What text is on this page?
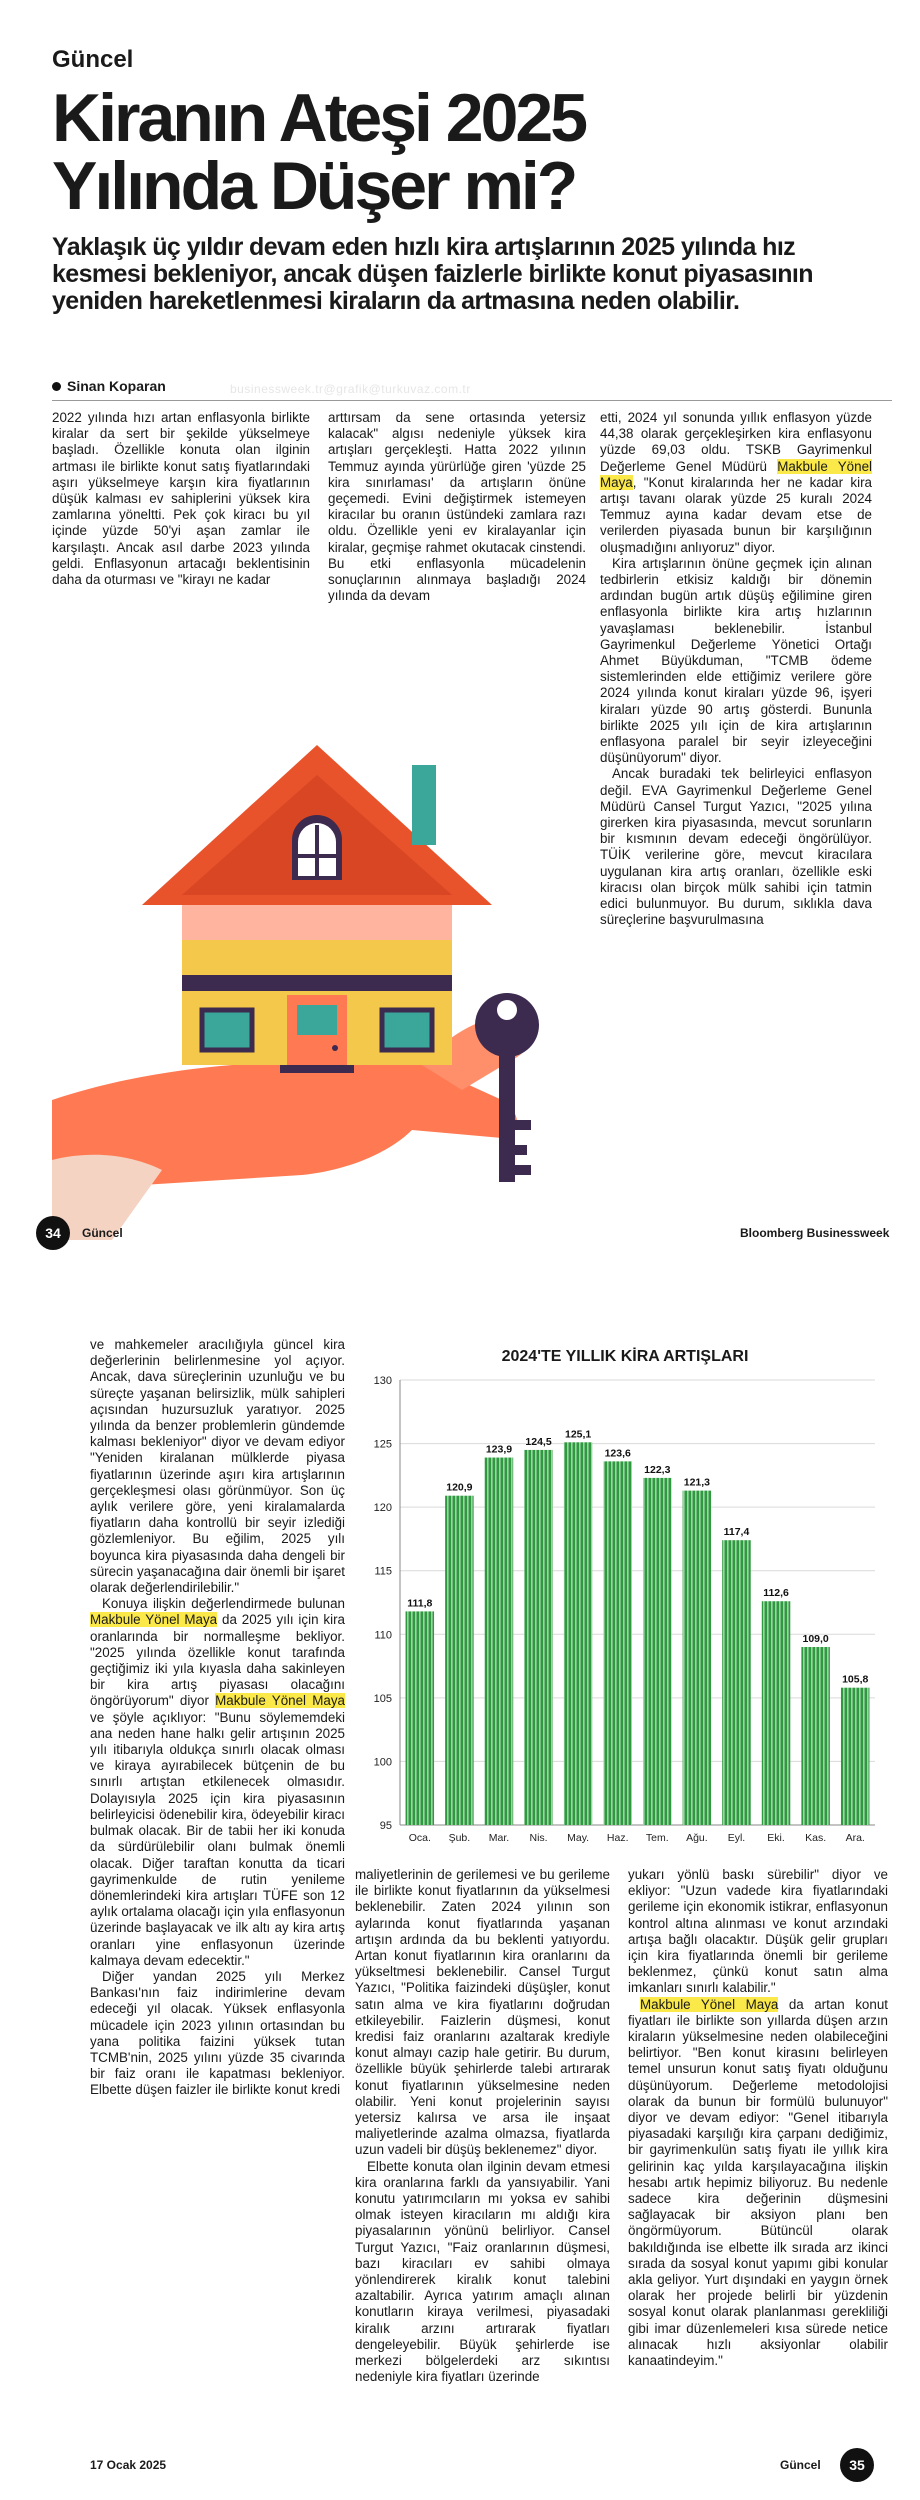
Güncel
Kiranın Ateşi 2025
Yılında Düşer mi?
Yaklaşık üç yıldır devam eden hızlı kira artışlarının 2025 yılında hız kesmesi bekleniyor, ancak düşen faizlerle birlikte konut piyasasının yeniden hareketlenmesi kiraların da artmasına neden olabilir.
Sinan Koparan	businessweek.tr@grafik@turkuvaz.com.tr

2022 yılında hızı artan enflasyonla birlikte kiralar da sert bir şekilde yükselmeye başladı. Özellikle konuta olan ilginin artması ile birlikte konut satış fiyatlarındaki aşırı yükselmeye karşın kira fiyatlarının düşük kalması ev sahiplerini yüksek kira zamlarına yöneltti. Pek çok kiracı bu yıl içinde yüzde 50'yi aşan zamlar ile karşılaştı. Ancak asıl darbe 2023 yılında geldi. Enflasyonun artacağı beklentisinin daha da oturması ve "kirayı ne kadar

arttırsam da sene ortasında yetersiz kalacak" algısı nedeniyle yüksek kira artışları gerçekleşti. Hatta 2022 yılının Temmuz ayında yürürlüğe giren 'yüzde 25 kira sınırlaması' da artışların önüne geçemedi. Evini değiştirmek istemeyen kiracılar bu oranın üstündeki zamlara razı oldu. Özellikle yeni ev kiralayanlar için kiralar, geçmişe rahmet okutacak cinstendi. Bu etki enflasyonla mücadelenin sonuçlarının alınmaya başladığı 2024 yılında da devam

etti, 2024 yıl sonunda yıllık enflasyon yüzde 44,38 olarak gerçekleşirken kira enflasyonu yüzde 69,03 oldu. TSKB Gayrimenkul Değerleme Genel Müdürü Makbule Yönel Maya, "Konut kiralarında her ne kadar kira artışı tavanı olarak yüzde 25 kuralı 2024 Temmuz ayına kadar devam etse de verilerden piyasada bunun bir karşılığının oluşmadığını anlıyoruz" diyor.

Kira artışlarının önüne geçmek için alınan tedbirlerin etkisiz kaldığı bir dönemin ardından bugün artık düşüş eğilimine giren enflasyonla birlikte kira artış hızlarının yavaşlaması beklenebilir. İstanbul Gayrimenkul Değerleme Yönetici Ortağı Ahmet Büyükduman, "TCMB ödeme sistemlerinden elde ettiğimiz verilere göre 2024 yılında konut kiraları yüzde 96, işyeri kiraları yüzde 90 artış gösterdi. Bununla birlikte 2025 yılı için de kira artışlarının enflasyona paralel bir seyir izleyeceğini düşünüyorum" diyor.

Ancak buradaki tek belirleyici enflasyon değil. EVA Gayrimenkul Değerleme Genel Müdürü Cansel Turgut Yazıcı, "2025 yılına girerken kira piyasasında, mevcut sorunların bir kısmının devam edeceği öngörülüyor. TÜİK verilerine göre, mevcut kiracılara uygulanan kira artış oranları, özellikle eski kiracısı olan birçok mülk sahibi için tatmin edici bulunmuyor. Bu durum, sıklıkla dava süreçlerine başvurulmasına

34	Güncel	Bloomberg Businessweek

ve mahkemeler aracılığıyla güncel kira değerlerinin belirlenmesine yol açıyor. Ancak, dava süreçlerinin uzunluğu ve bu süreçte yaşanan belirsizlik, mülk sahipleri açısından huzursuzluk yaratıyor. 2025 yılında da benzer problemlerin gündemde kalması bekleniyor" diyor ve devam ediyor "Yeniden kiralanan mülklerde piyasa fiyatlarının üzerinde aşırı kira artışlarının gerçekleşmesi olası görünmüyor. Son üç aylık verilere göre, yeni kiralamalarda fiyatların daha kontrollü bir seyir izlediği gözlemleniyor. Bu eğilim, 2025 yılı boyunca kira piyasasında daha dengeli bir sürecin yaşanacağına dair önemli bir işaret olarak değerlendirilebilir."

Konuya ilişkin değerlendirmede bulunan Makbule Yönel Maya da 2025 yılı için kira oranlarında bir normalleşme bekliyor. "2025 yılında özellikle konut tarafında geçtiğimiz iki yıla kıyasla daha sakinleyen bir kira artış piyasası olacağını öngörüyorum" diyor Makbule Yönel Maya ve şöyle açıklıyor: "Bunu söylememdeki ana neden hane halkı gelir artışının 2025 yılı itibarıyla oldukça sınırlı olacak olması ve kiraya ayırabilecek bütçenin de bu sınırlı artıştan etkilenecek olmasıdır. Dolayısıyla 2025 için kira piyasasının belirleyicisi ödenebilir kira, ödeyebilir kiracı bulmak olacak. Bir de tabii her iki konuda da sürdürülebilir olanı bulmak önemli olacak. Diğer taraftan konutta da ticari gayrimenkulde de rutin yenileme dönemlerindeki kira artışları TÜFE son 12 aylık ortalama olacağı için yıla enflasyonun üzerinde başlayacak ve ilk altı ay kira artış oranları yine enflasyonun üzerinde kalmaya devam edecektir."

Diğer yandan 2025 yılı Merkez Bankası'nın faiz indirimlerine devam edeceği yıl olacak. Yüksek enflasyonla mücadele için 2023 yılının ortasından bu yana politika faizini yüksek tutan TCMB'nin, 2025 yılını yüzde 35 civarında bir faiz oranı ile kapatması bekleniyor. Elbette düşen faizler ile birlikte konut kredi

2024'TE YILLIK KİRA ARTIŞLARI
95
100
105
110
115
120
125
130
111,8
Oca.
120,9
Şub.
123,9
Mar.
124,5
Nis.
125,1
May.
123,6
Haz.
122,3
Tem.
121,3
Ağu.
117,4
Eyl.
112,6
Eki.
109,0
Kas.
105,8
Ara.

maliyetlerinin de gerilemesi ve bu gerileme ile birlikte konut fiyatlarının da yükselmesi beklenebilir. Zaten 2024 yılının son aylarında konut fiyatlarında yaşanan artışın ardında da bu beklenti yatıyordu. Artan konut fiyatlarının kira oranlarını da yükseltmesi beklenebilir. Cansel Turgut Yazıcı, "Politika faizindeki düşüşler, konut satın alma ve kira fiyatlarını doğrudan etkileyebilir. Faizlerin düşmesi, konut kredisi faiz oranlarını azaltarak krediyle konut almayı cazip hale getirir. Bu durum, özellikle büyük şehirlerde talebi artırarak konut fiyatlarının yükselmesine neden olabilir. Yeni konut projelerinin sayısı yetersiz kalırsa ve arsa ile inşaat maliyetlerinde azalma olmazsa, fiyatlarda uzun vadeli bir düşüş beklenemez" diyor.

Elbette konuta olan ilginin devam etmesi kira oranlarına farklı da yansıyabilir. Yani konutu yatırımcıların mı yoksa ev sahibi olmak isteyen kiracıların mı aldığı kira piyasalarının yönünü belirliyor. Cansel Turgut Yazıcı, "Faiz oranlarının düşmesi, bazı kiracıları ev sahibi olmaya yönlendirerek kiralık konut talebini azaltabilir. Ayrıca yatırım amaçlı alınan konutların kiraya verilmesi, piyasadaki kiralık arzını artırarak fiyatları dengeleyebilir. Büyük şehirlerde ise merkezi bölgelerdeki arz sıkıntısı nedeniyle kira fiyatları üzerinde

yukarı yönlü baskı sürebilir" diyor ve ekliyor: "Uzun vadede kira fiyatlarındaki gerileme için ekonomik istikrar, enflasyonun kontrol altına alınması ve konut arzındaki artışa bağlı olacaktır. Düşük gelir grupları için kira fiyatlarında önemli bir gerileme beklenmez, çünkü konut satın alma imkanları sınırlı kalabilir."

Makbule Yönel Maya da artan konut fiyatları ile birlikte son yıllarda düşen arzın kiraların yükselmesine neden olabileceğini belirtiyor. "Ben konut kirasını belirleyen temel unsurun konut satış fiyatı olduğunu düşünüyorum. Değerleme metodolojisi olarak da bunun bir formülü bulunuyor" diyor ve devam ediyor: "Genel itibarıyla piyasadaki karşılığı kira çarpanı dediğimiz, bir gayrimenkulün satış fiyatı ile yıllık kira gelirinin kaç yılda karşılayacağına ilişkin hesabı artık hepimiz biliyoruz. Bu nedenle sadece kira değerinin düşmesini sağlayacak bir aksiyon planı ben öngörmüyorum. Bütüncül olarak bakıldığında ise elbette ilk sırada arz ikinci sırada da sosyal konut yapımı gibi konular akla geliyor. Yurt dışındaki en yaygın örnek olarak her projede belirli bir yüzdenin sosyal konut olarak planlanması gerekliliği gibi imar düzenlemeleri kısa sürede netice alınacak hızlı aksiyonlar olabilir kanaatindeyim."

17 Ocak 2025	Güncel	35
